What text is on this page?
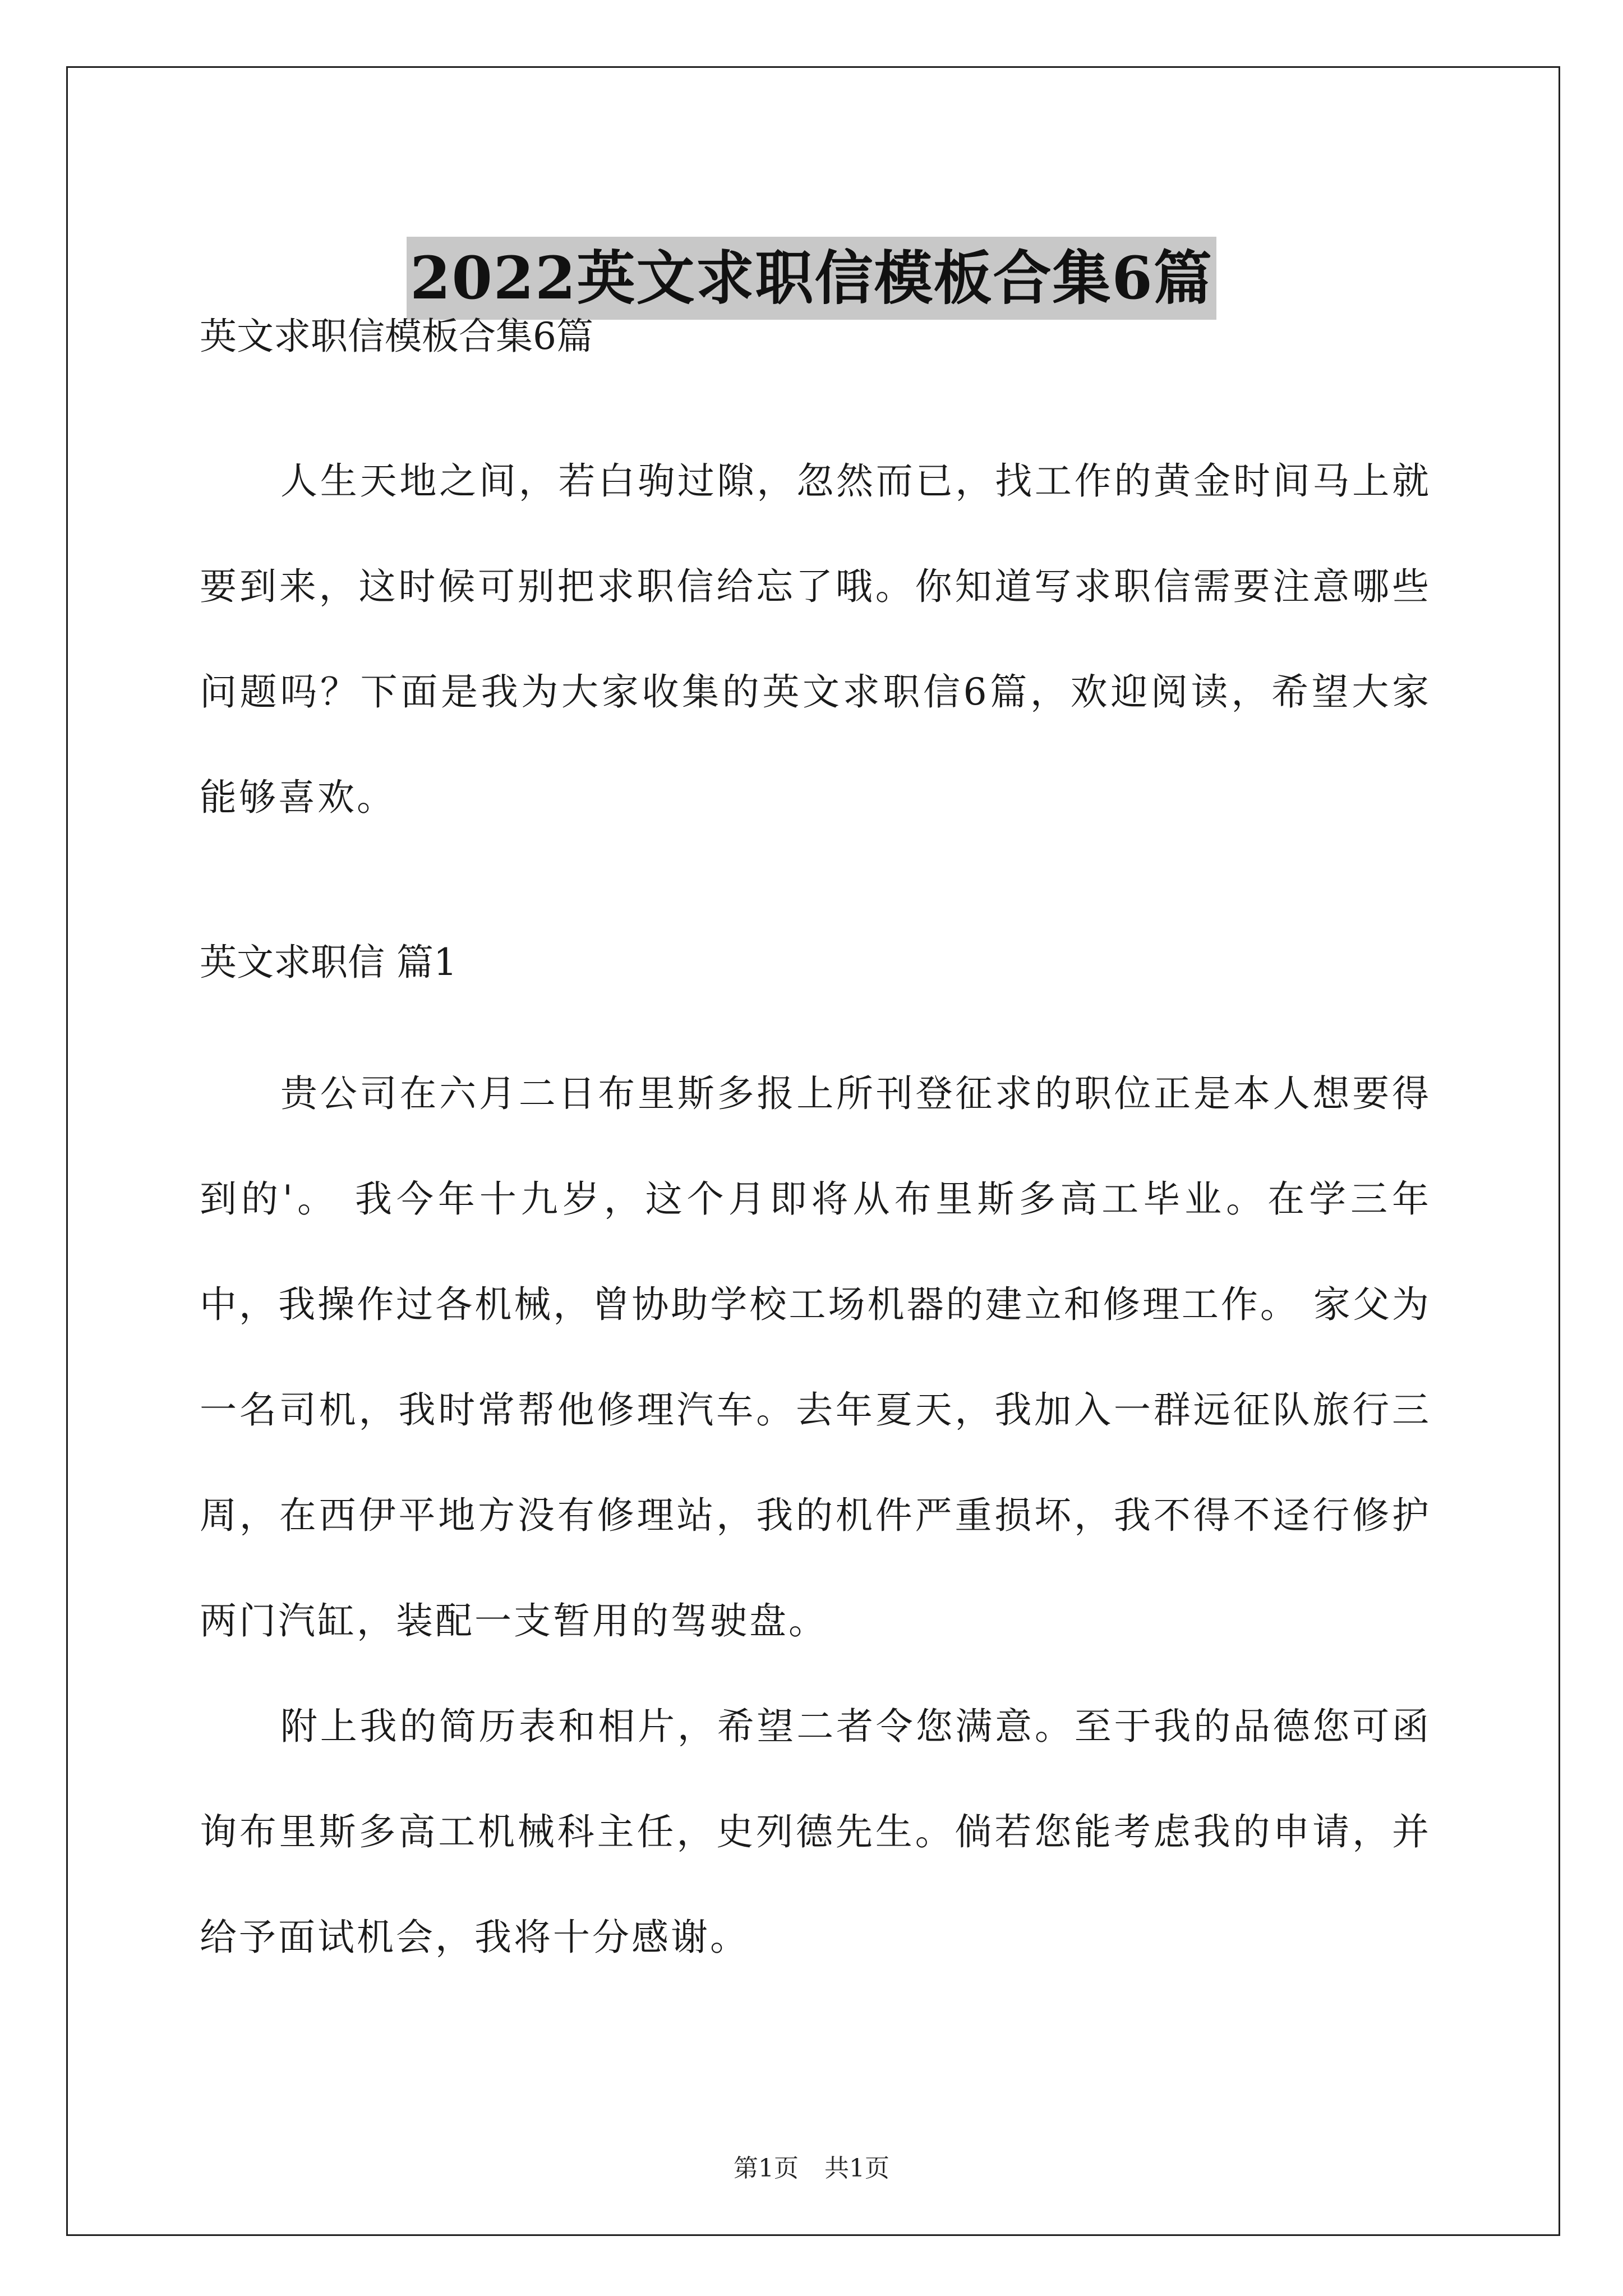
2022英文求职信模板合集6篇

英文求职信模板合集6篇

人生天地之间，若白驹过隙，忽然而已，找工作的黄金时间马上就要到来，这时候可别把求职信给忘了哦。你知道写求职信需要注意哪些问题吗？下面是我为大家收集的英文求职信6篇，欢迎阅读，希望大家能够喜欢。

英文求职信 篇1

贵公司在六月二日布里斯多报上所刊登征求的职位正是本人想要得到的'。 我今年十九岁，这个月即将从布里斯多高工毕业。在学三年中，我操作过各机械，曾协助学校工场机器的建立和修理工作。 家父为一名司机，我时常帮他修理汽车。去年夏天，我加入一群远征队旅行三周，在西伊平地方没有修理站，我的机件严重损坏，我不得不迳行修护两门汽缸，装配一支暂用的驾驶盘。

附上我的简历表和相片，希望二者令您满意。至于我的品德您可函询布里斯多高工机械科主任，史列德先生。倘若您能考虑我的申请，并给予面试机会，我将十分感谢。

第1页 共1页
